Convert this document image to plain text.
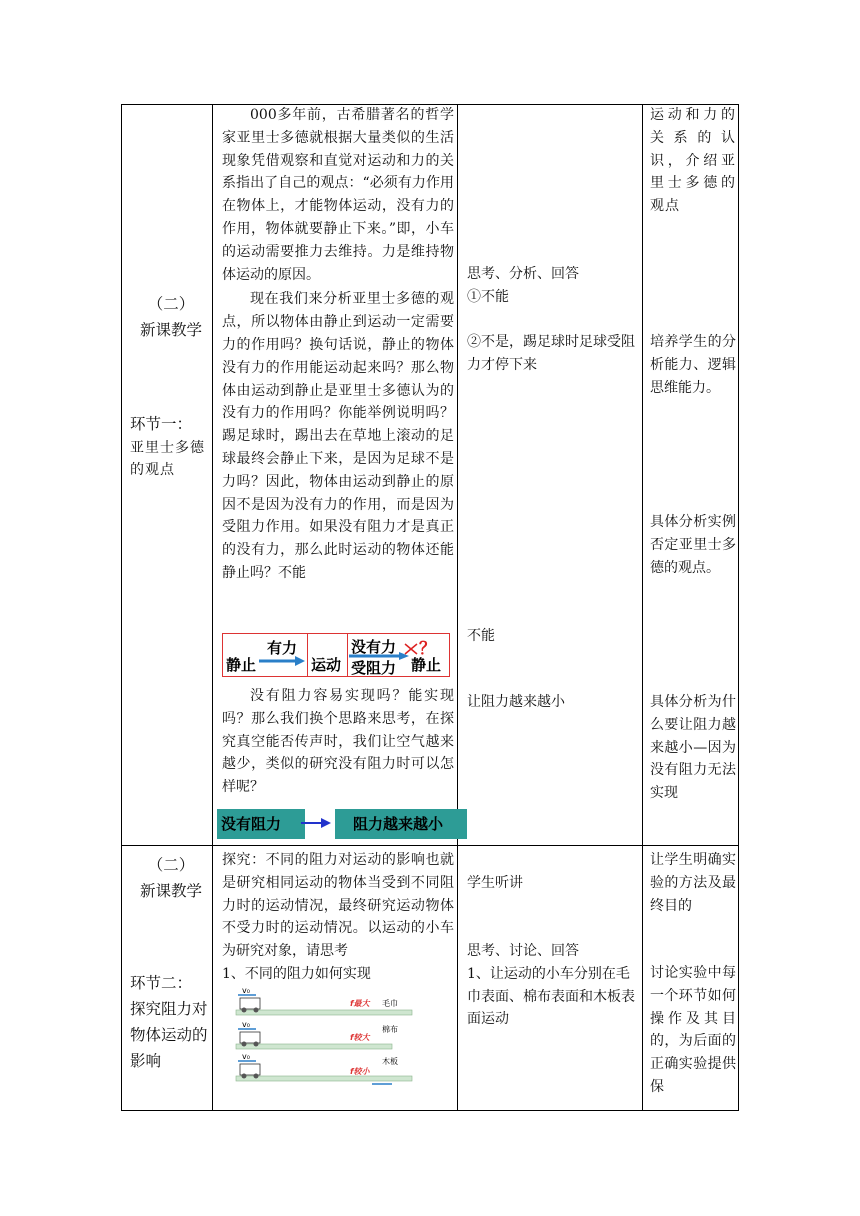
（二）
新课教学
环节一：
亚里士多德的观点

000多年前，古希腊著名的哲学家亚里士多德就根据大量类似的生活现象凭借观察和直觉对运动和力的关系指出了自己的观点：“必须有力作用在物体上，才能物体运动，没有力的作用，物体就要静止下来。”即，小车的运动需要推力去维持。力是维持物体运动的原因。

现在我们来分析亚里士多德的观点，所以物体由静止到运动一定需要力的作用吗？换句话说，静止的物体没有力的作用能运动起来吗？那么物体由运动到静止是亚里士多德认为的没有力的作用吗？你能举例说明吗？踢足球时，踢出去在草地上滚动的足球最终会静止下来，是因为足球不是力吗？因此，物体由运动到静止的原因不是因为没有力的作用，而是因为受阻力作用。如果没有阻力才是真正的没有力，那么此时运动的物体还能静止吗？不能

静止
有力
运动
没有力 ？
受阻力 静止

没有阻力容易实现吗？能实现吗？那么我们换个思路来思考，在探究真空能否传声时，我们让空气越来越少，类似的研究没有阻力时可以怎样呢？

没有阻力	阻力越来越小
思考、分析、回答
①不能
②不是，踢足球时足球受阻力才停下来
不能
让阻力越来越小

运动和力的关系的认识，介绍亚里士多德的观点

培养学生的分析能力、逻辑思维能力。

具体分析实例否定亚里士多德的观点。

具体分析为什么要让阻力越来越小—因为没有阻力无法实现

（二）
新课教学
环节二：
探究阻力对物体运动的影响

探究：不同的阻力对运动的影响也就是研究相同运动的物体当受到不同阻力时的运动情况，最终研究运动物体不受力时的运动情况。以运动的小车为研究对象，请思考

1、不同的阻力如何实现

v₀
f最大 毛巾
v₀
f较大
棉布
v₀
f较小
木板
学生听讲
思考、讨论、回答
1、让运动的小车分别在毛巾表面、棉布表面和木板表面运动

让学生明确实验的方法及最终目的

讨论实验中每一个环节如何操作及其目的，为后面的正确实验提供保
